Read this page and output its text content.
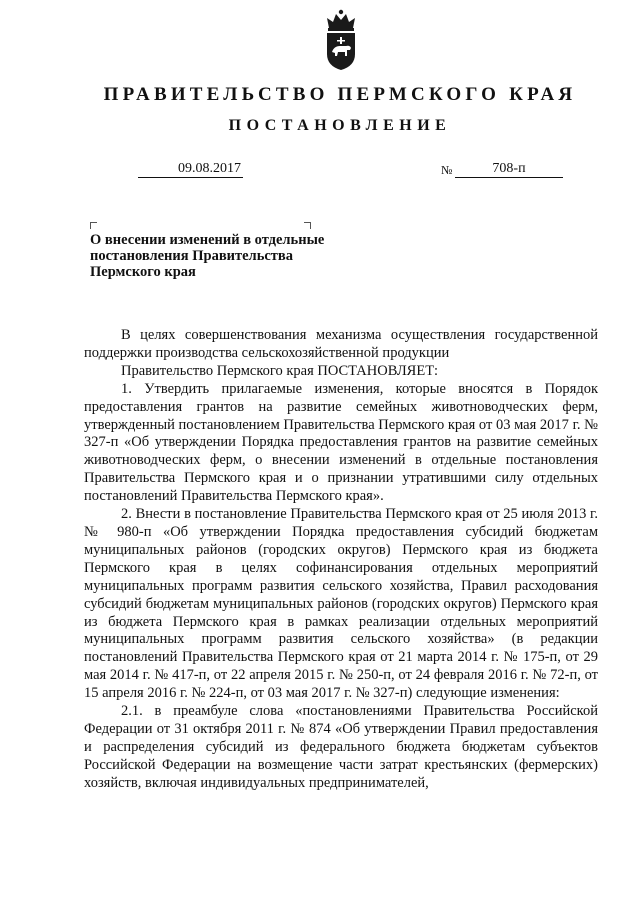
ПРАВИТЕЛЬСТВО ПЕРМСКОГО КРАЯ
ПОСТАНОВЛЕНИЕ
09.08.2017	№	708-п
О внесении изменений в отдельные
постановления Правительства
Пермского края

В целях совершенствования механизма осуществления государственной поддержки производства сельскохозяйственной продукции

Правительство Пермского края ПОСТАНОВЛЯЕТ:

1. Утвердить прилагаемые изменения, которые вносятся в Порядок предоставления грантов на развитие семейных животноводческих ферм, утвержденный постановлением Правительства Пермского края от 03 мая 2017 г. № 327-п «Об утверждении Порядка предоставления грантов на развитие семейных животноводческих ферм, о внесении изменений в отдельные постановления Правительства Пермского края и о признании утратившими силу отдельных постановлений Правительства Пермского края».

2. Внести в постановление Правительства Пермского края от 25 июля 2013 г. № 980-п «Об утверждении Порядка предоставления субсидий бюджетам муниципальных районов (городских округов) Пермского края из бюджета Пермского края в целях софинансирования отдельных мероприятий муниципальных программ развития сельского хозяйства, Правил расходования субсидий бюджетам муниципальных районов (городских округов) Пермского края из бюджета Пермского края в рамках реализации отдельных мероприятий муниципальных программ развития сельского хозяйства» (в редакции постановлений Правительства Пермского края от 21 марта 2014 г. № 175-п, от 29 мая 2014 г. № 417-п, от 22 апреля 2015 г. № 250-п, от 24 февраля 2016 г. № 72-п, от 15 апреля 2016 г. № 224-п, от 03 мая 2017 г. № 327-п) следующие изменения:

2.1. в преамбуле слова «постановлениями Правительства Российской Федерации от 31 октября 2011 г. № 874 «Об утверждении Правил предоставления и распределения субсидий из федерального бюджета бюджетам субъектов Российской Федерации на возмещение части затрат крестьянских (фермерских) хозяйств, включая индивидуальных предпринимателей,
